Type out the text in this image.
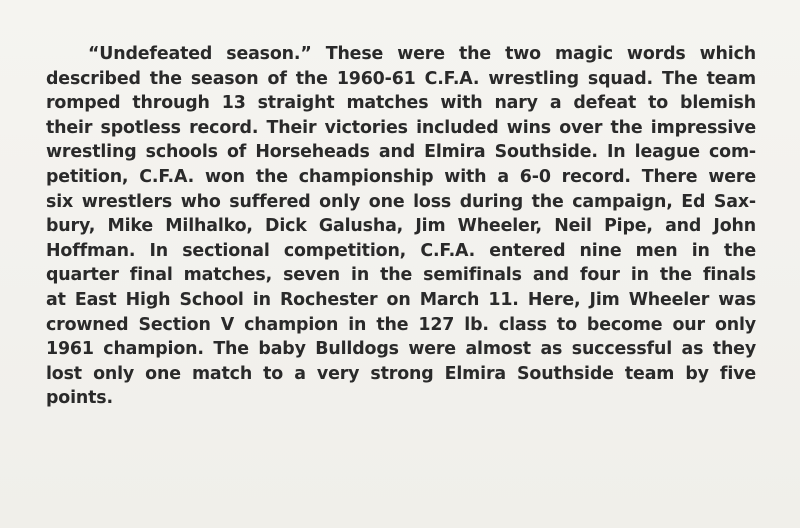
“Undefeated season.” These were the two magic words which
described the season of the 1960-61 C.F.A. wrestling squad. The team
romped through 13 straight matches with nary a defeat to blemish
their spotless record. Their victories included wins over the impressive
wrestling schools of Horseheads and Elmira Southside. In league com-
petition, C.F.A. won the championship with a 6-0 record. There were
six wrestlers who suffered only one loss during the campaign, Ed Sax-
bury, Mike Milhalko, Dick Galusha, Jim Wheeler, Neil Pipe, and John
Hoffman. In sectional competition, C.F.A. entered nine men in the
quarter final matches, seven in the semifinals and four in the finals
at East High School in Rochester on March 11. Here, Jim Wheeler was
crowned Section V champion in the 127 lb. class to become our only
1961 champion. The baby Bulldogs were almost as successful as they
lost only one match to a very strong Elmira Southside team by five
points.
